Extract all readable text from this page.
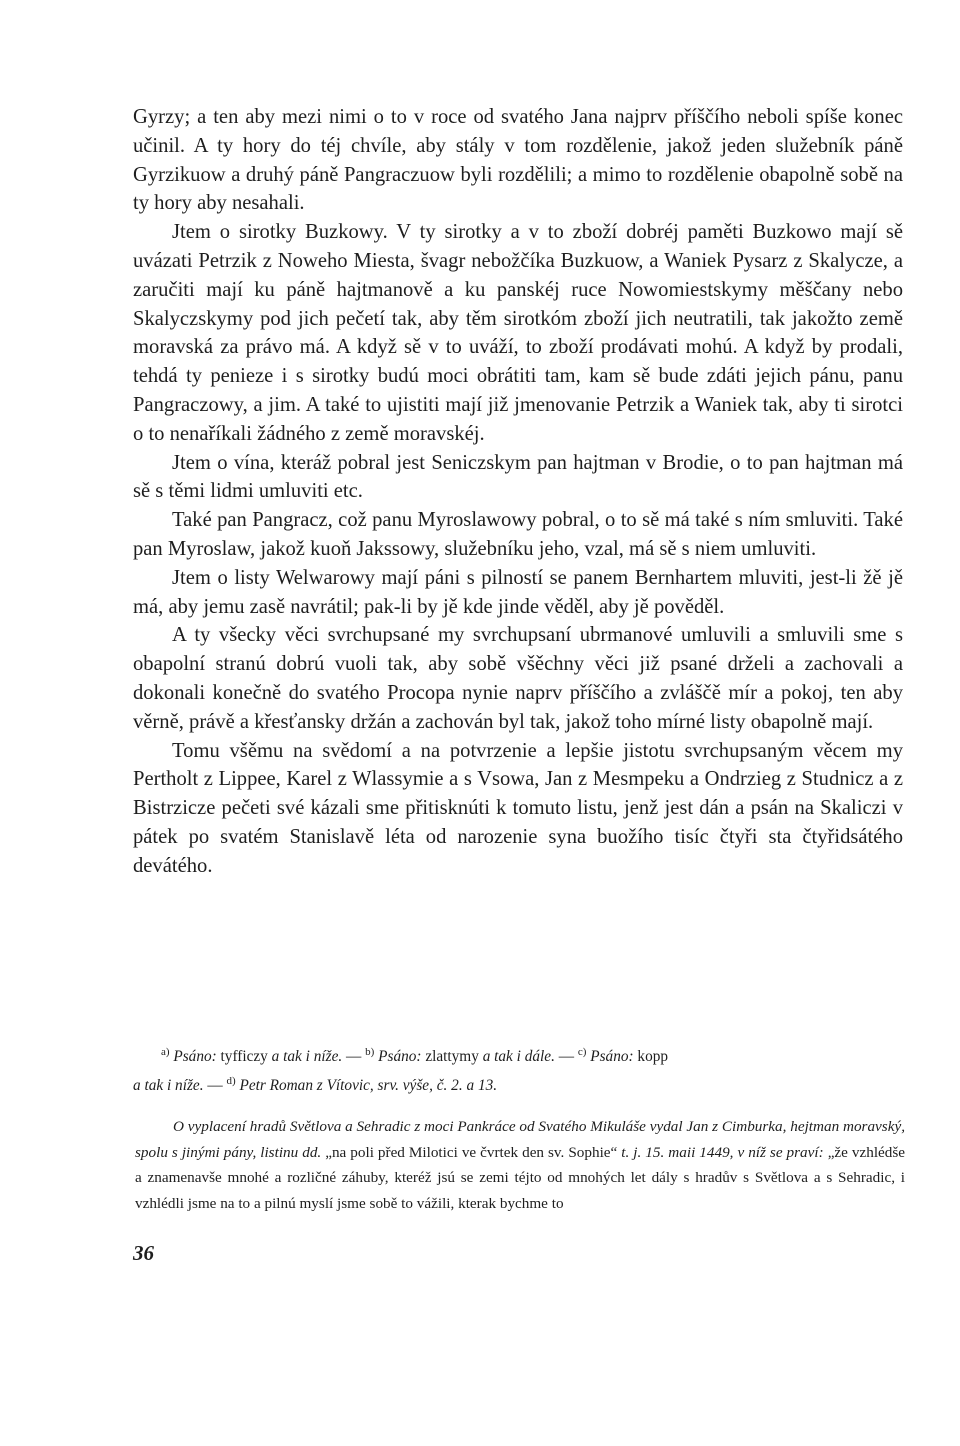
Gyrzy; a ten aby mezi nimi o to v roce od svatého Jana najprv příščího neboli spíše konec učinil. A ty hory do téj chvíle, aby stály v tom rozdělenie, jakož jeden služebník páně Gyrzikuow a druhý páně Pangraczuow byli rozdělili; a mimo to rozdělenie obapolně sobě na ty hory aby nesahali.

Jtem o sirotky Buzkowy. V ty sirotky a v to zboží dobréj paměti Buzkowo mají sě uvázati Petrzik z Noweho Miesta, švagr nebožčíka Buzkuow, a Waniek Pysarz z Skalycze, a zaručiti mají ku páně hajtmanově a ku panskéj ruce Nowomiestskymy měščany nebo Skalyczskymy pod jich pečetí tak, aby těm sirotkóm zboží jich neutratili, tak jakožto země moravská za právo má. A když sě v to uváží, to zboží prodávati mohú. A když by prodali, tehdá ty penieze i s sirotky budú moci obrátiti tam, kam sě bude zdáti jejich pánu, panu Pangraczowy, a jim. A také to ujistiti mají již jmenovanie Petrzik a Waniek tak, aby ti sirotci o to nenaříkali žádného z země moravskéj.

Jtem o vína, kteráž pobral jest Seniczskym pan hajtman v Brodie, o to pan hajtman má sě s těmi lidmi umluviti etc.

Také pan Pangracz, což panu Myroslawowy pobral, o to sě má také s ním smluviti. Také pan Myroslaw, jakož kuoň Jakssowy, služebníku jeho, vzal, má sě s niem umluviti.

Jtem o listy Welwarowy mají páni s pilností se panem Bernhartem mluviti, jest-li žě jě má, aby jemu zasě navrátil; pak-li by jě kde jinde věděl, aby jě pověděl.

A ty všecky věci svrchupsané my svrchupsaní ubrmanové umluvili a smluvili sme s obapolní stranú dobrú vuoli tak, aby sobě všěchny věci již psané drželi a zachovali a dokonali konečně do svatého Procopa nynie naprv příščího a zvláščě mír a pokoj, ten aby věrně, právě a křesťansky držán a zachován byl tak, jakož toho mírné listy obapolně mají.

Tomu všěmu na svědomí a na potvrzenie a lepšie jistotu svrchupsaným věcem my Pertholt z Lippee, Karel z Wlassymie a s Vsowa, Jan z Mesmpeku a Ondrzieg z Studnicz a z Bistrzicze pečeti své kázali sme přitisknúti k tomuto listu, jenž jest dán a psán na Skaliczi v pátek po svatém Stanislavě léta od narozenie syna buožího tisíc čtyři sta čtyřidsátého devátého.

$^{a)}$ Psáno: tyfficzy a tak i níže. — $^{b)}$ Psáno: zlattymy a tak i dále. — $^{c)}$ Psáno: kopp

a tak i níže. — $^{d)}$ Petr Roman z Vítovic, srv. výše, č. 2. a 13.

O vyplacení hradů Světlova a Sehradic z moci Pankráce od Svatého Mikuláše vydal Jan z Cimburka, hejtman moravský, spolu s jinými pány, listinu dd. „na poli před Milotici ve čvrtek den sv. Sophie“ t. j. 15. maii 1449, v níž se praví: „že vzhlédše a znamenavše mnohé a rozličné záhuby, kteréž jsú se zemi téjto od mnohých let dály s hradův s Světlova a s Sehradic, i vzhlédli jsme na to a pilnú myslí jsme sobě to vážili, kterak bychme to

36
